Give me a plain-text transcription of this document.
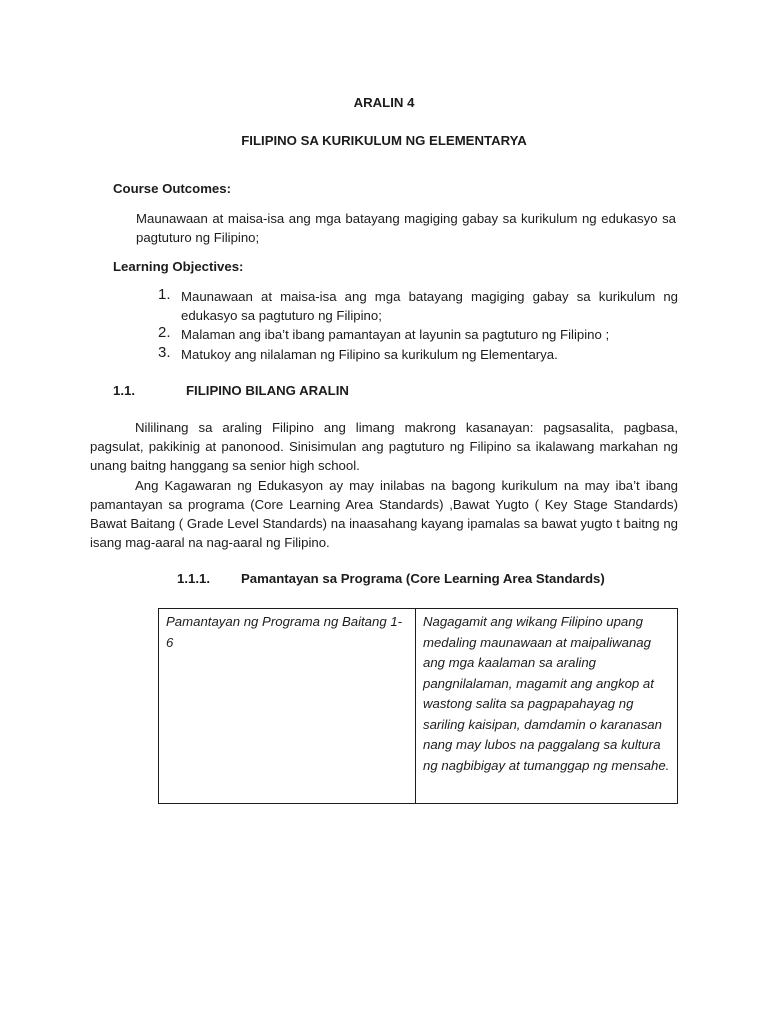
ARALIN 4
FILIPINO SA KURIKULUM NG ELEMENTARYA
Course Outcomes:
Maunawaan at maisa-isa ang mga batayang magiging gabay sa kurikulum ng edukasyo sa pagtuturo ng Filipino;
Learning Objectives:
1. Maunawaan at maisa-isa ang mga batayang magiging gabay sa kurikulum ng edukasyo sa pagtuturo ng Filipino;
2. Malaman ang iba’t ibang pamantayan at layunin sa pagtuturo ng Filipino ;
3. Matukoy ang nilalaman ng Filipino sa kurikulum ng Elementarya.
1.1.	FILIPINO BILANG ARALIN
Nililinang sa araling Filipino ang limang makrong kasanayan: pagsasalita, pagbasa, pagsulat, pakikinig at panonood. Sinisimulan ang pagtuturo ng Filipino sa ikalawang markahan ng unang baitng hanggang sa senior high school.
Ang Kagawaran ng Edukasyon ay may inilabas na bagong kurikulum na may iba’t ibang pamantayan sa programa (Core Learning Area Standards) ,Bawat Yugto ( Key Stage Standards) Bawat Baitang ( Grade Level Standards) na inaasahang kayang ipamalas sa bawat yugto t baitng ng isang mag-aaral na nag-aaral ng Filipino.
1.1.1. Pamantayan sa Programa (Core Learning Area Standards)
Pamantayan ng Programa ng Baitang 1-6	Nagagamit ang wikang Filipino upang medaling maunawaan at maipaliwanag ang mga kaalaman sa araling pangnilalaman, magamit ang angkop at wastong salita sa pagpapahayag ng sariling kaisipan, damdamin o karanasan nang may lubos na paggalang sa kultura ng nagbibigay at tumanggap ng mensahe.
